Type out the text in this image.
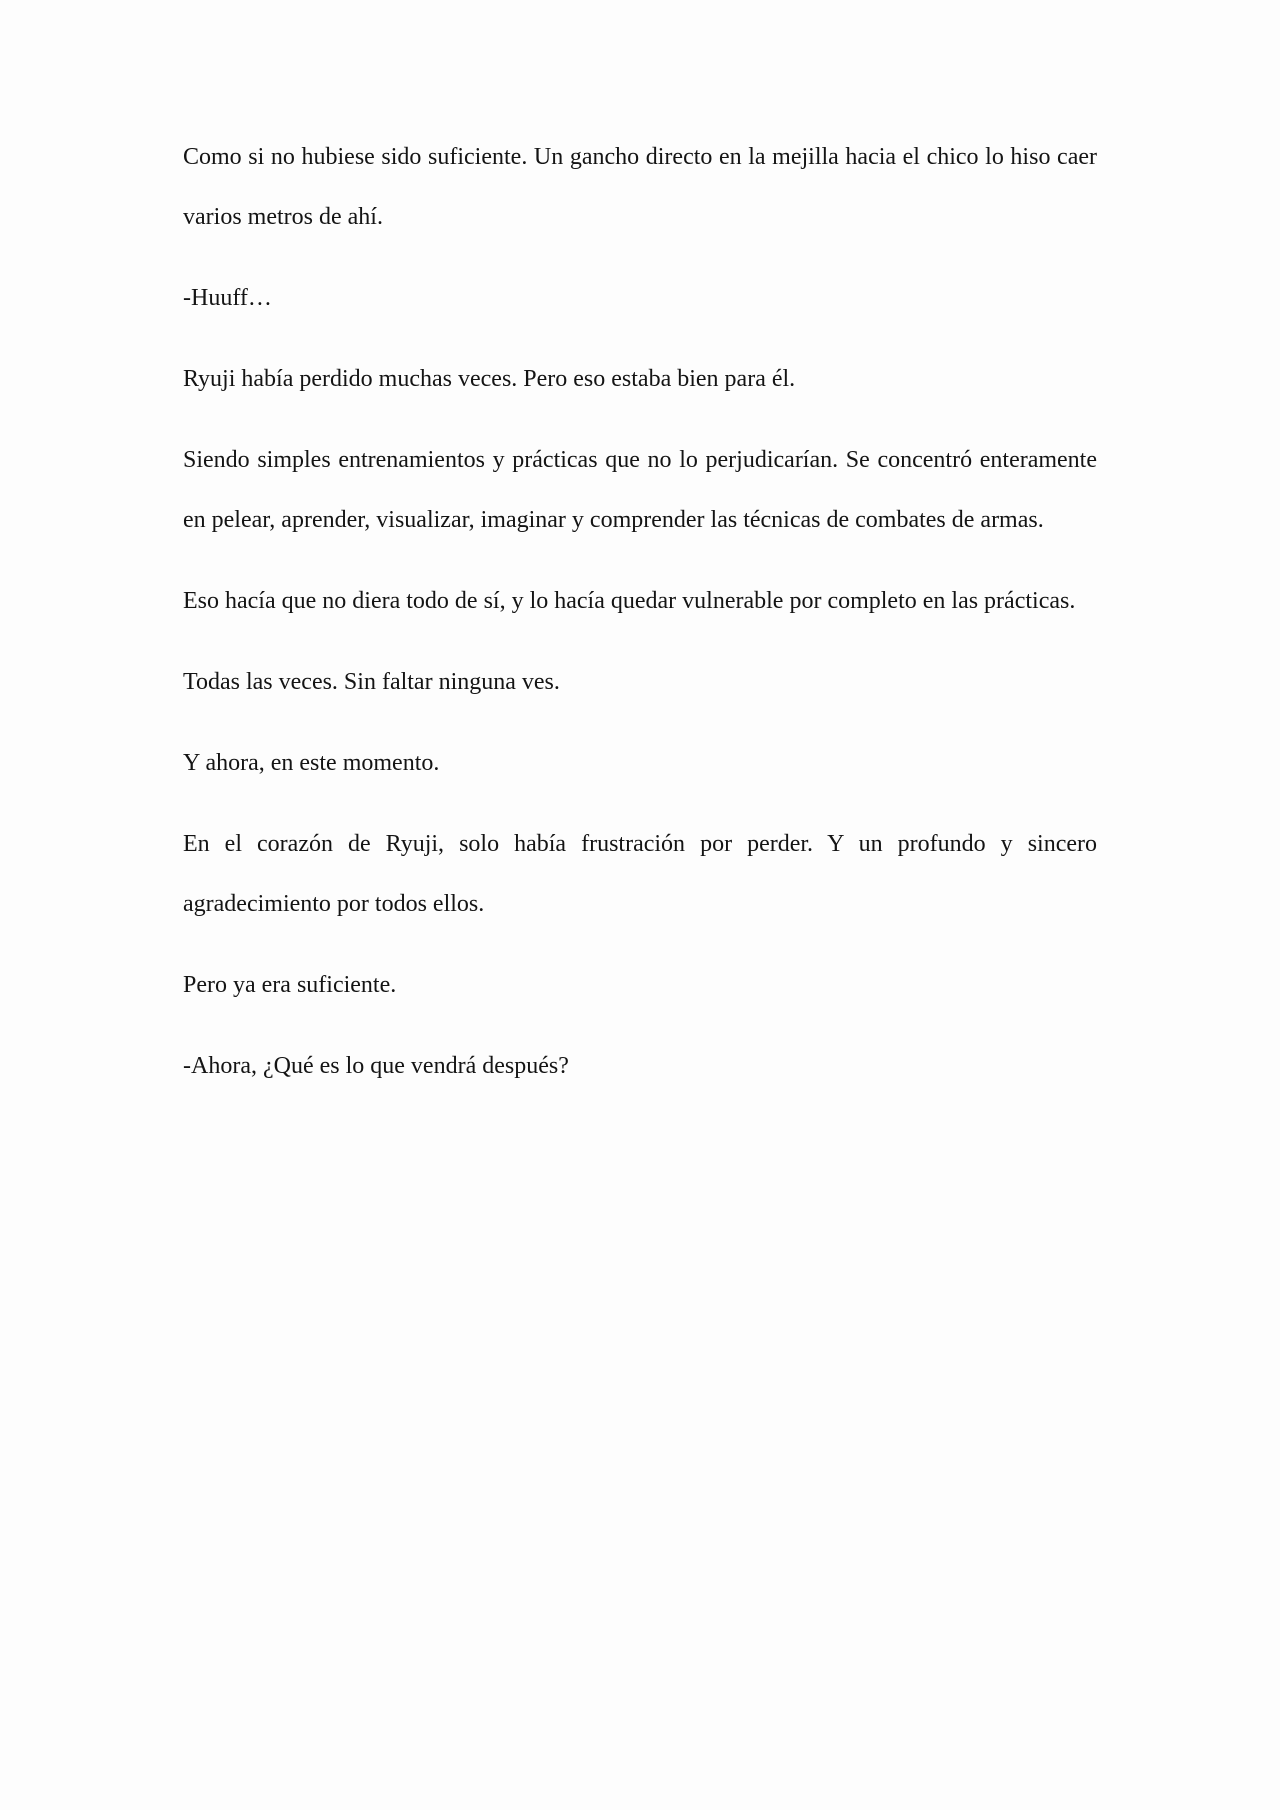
Como si no hubiese sido suficiente. Un gancho directo en la mejilla hacia el chico lo hiso caer varios metros de ahí.

-Huuff…

Ryuji había perdido muchas veces. Pero eso estaba bien para él.

Siendo simples entrenamientos y prácticas que no lo perjudicarían. Se concentró enteramente en pelear, aprender, visualizar, imaginar y comprender las técnicas de combates de armas.

Eso hacía que no diera todo de sí, y lo hacía quedar vulnerable por completo en las prácticas.

Todas las veces. Sin faltar ninguna ves.

Y ahora, en este momento.

En el corazón de Ryuji, solo había frustración por perder. Y un profundo y sincero agradecimiento por todos ellos.

Pero ya era suficiente.

-Ahora, ¿Qué es lo que vendrá después?
